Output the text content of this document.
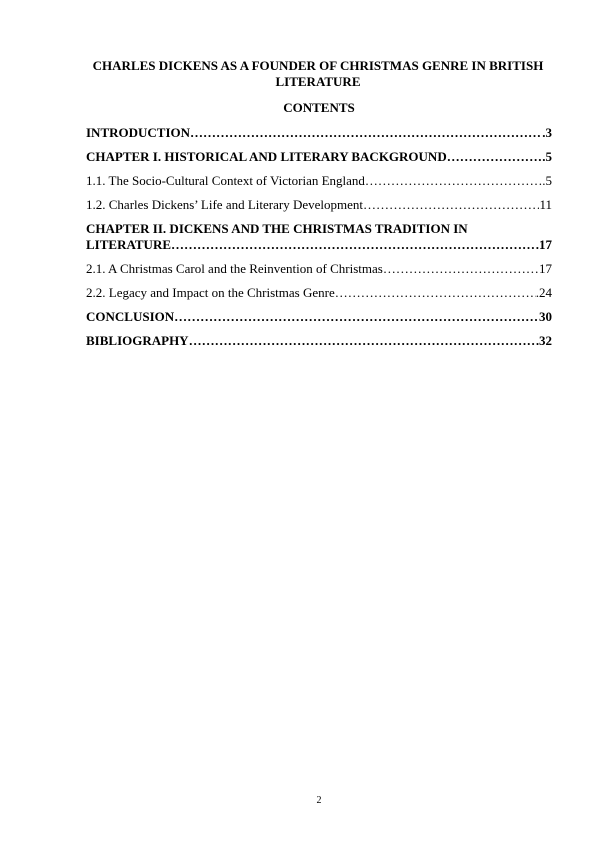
CHARLES DICKENS AS A FOUNDER OF CHRISTMAS GENRE IN BRITISH LITERATURE
CONTENTS
INTRODUCTION ………………………………………………………………………………………………………………………………………………	.3
CHAPTER I. HISTORICAL AND LITERARY BACKGROUND ………………………………………………………………………………………………………………………………………………	.5
1.1. The Socio-Cultural Context of Victorian England ………………………………………………………………………………………………………………………………………………	.5
1.2. Charles Dickens’ Life and Literary Development ………………………………………………………………………………………………………………………………………………	11
CHAPTER II. DICKENS AND THE CHRISTMAS TRADITION IN
LITERATURE ………………………………………………………………………………………………………………………………………………	.17
2.1. A Christmas Carol and the Reinvention of Christmas ………………………………………………………………………………………………………………………………………………	17
2.2. Legacy and Impact on the Christmas Genre ………………………………………………………………………………………………………………………………………………	.24
CONCLUSION ………………………………………………………………………………………………………………………………………………	30
BIBLIOGRAPHY ………………………………………………………………………………………………………………………………………………	32
2
